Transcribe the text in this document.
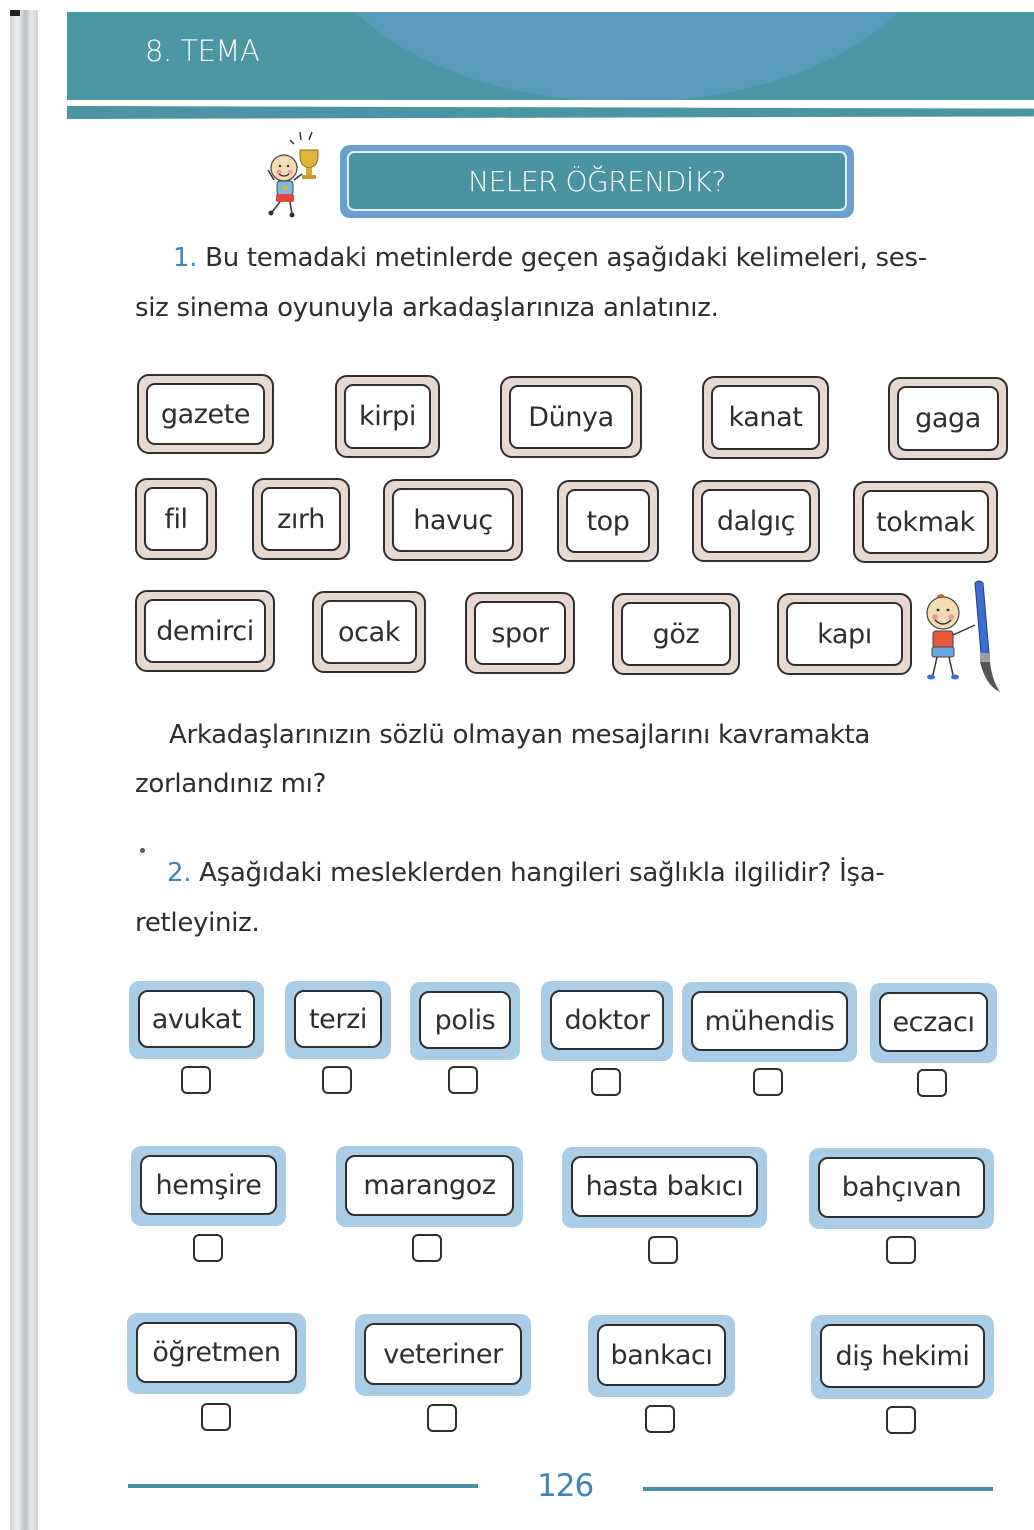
8. TEMA
NELER ÖĞRENDİK?
1. Bu temadaki metinlerde geçen aşağıdaki kelimeleri, ses-
siz sinema oyunuyla arkadaşlarınıza anlatınız.
gazete	kirpi	Dünya	kanat	gaga
fil	zırh	havuç	top	dalgıç	tokmak
demirci	ocak	spor	göz	kapı
Arkadaşlarınızın sözlü olmayan mesajlarını kavramakta
zorlandınız mı?
2. Aşağıdaki mesleklerden hangileri sağlıkla ilgilidir? İşa-
retleyiniz.
avukat	terzi	polis	doktor	mühendis	eczacı
hemşire	marangoz	hasta bakıcı	bahçıvan
öğretmen	veteriner	bankacı	diş hekimi
126
